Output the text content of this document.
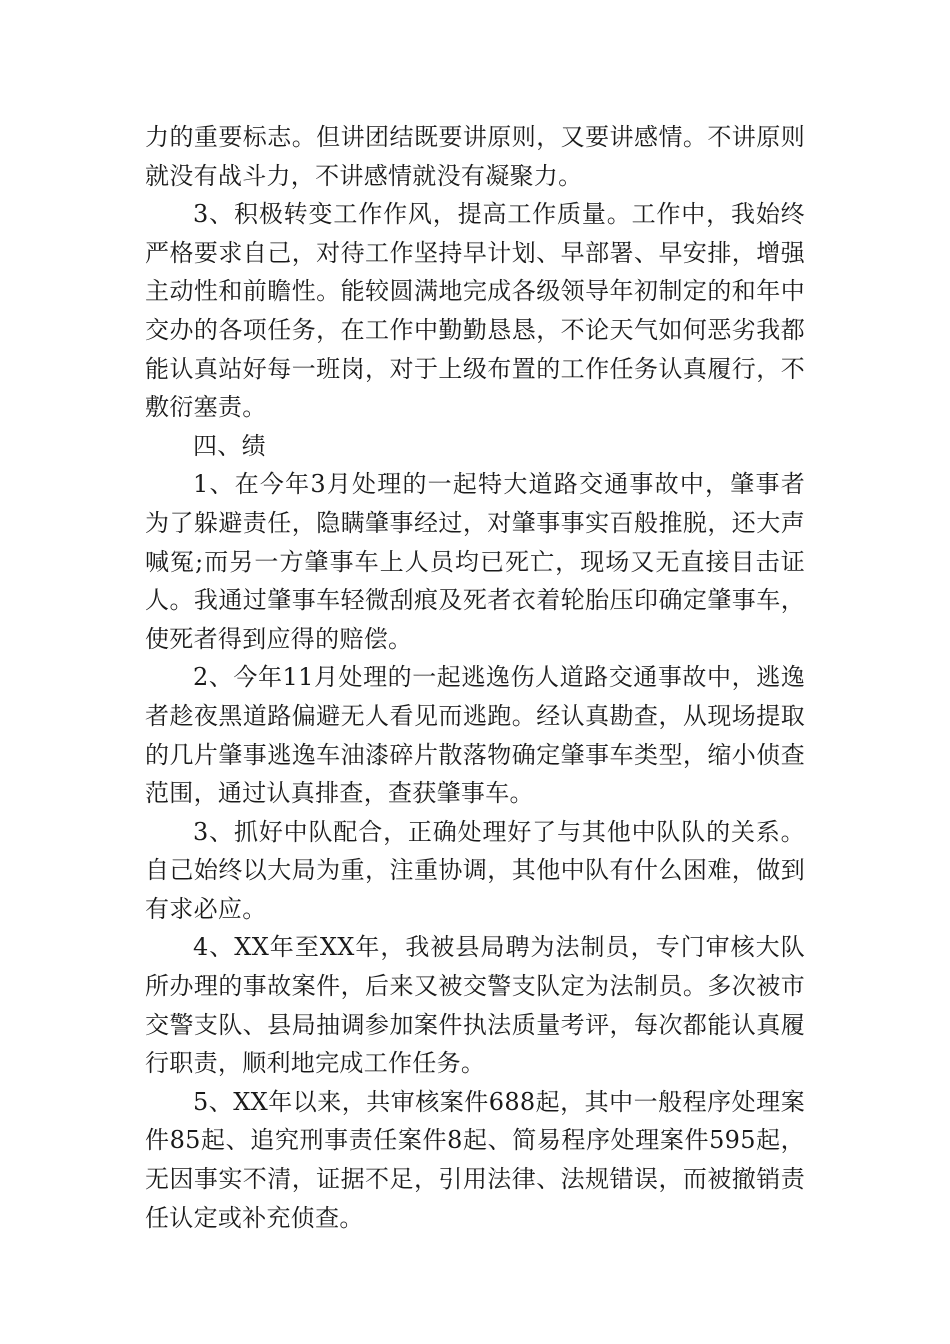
力的重要标志。但讲团结既要讲原则，又要讲感情。不讲原则就没有战斗力，不讲感情就没有凝聚力。

3、积极转变工作作风，提高工作质量。工作中，我始终严格要求自己，对待工作坚持早计划、早部署、早安排，增强主动性和前瞻性。能较圆满地完成各级领导年初制定的和年中交办的各项任务，在工作中勤勤恳恳，不论天气如何恶劣我都能认真站好每一班岗，对于上级布置的工作任务认真履行，不敷衍塞责。

四、绩

1、在今年3月处理的一起特大道路交通事故中，肇事者为了躲避责任，隐瞒肇事经过，对肇事事实百般推脱，还大声喊冤;而另一方肇事车上人员均已死亡，现场又无直接目击证人。我通过肇事车轻微刮痕及死者衣着轮胎压印确定肇事车，使死者得到应得的赔偿。

2、今年11月处理的一起逃逸伤人道路交通事故中，逃逸者趁夜黑道路偏避无人看见而逃跑。经认真勘查，从现场提取的几片肇事逃逸车油漆碎片散落物确定肇事车类型，缩小侦查范围，通过认真排查，查获肇事车。

3、抓好中队配合，正确处理好了与其他中队队的关系。自己始终以大局为重，注重协调，其他中队有什么困难，做到有求必应。

4、XX年至XX年，我被县局聘为法制员，专门审核大队所办理的事故案件，后来又被交警支队定为法制员。多次被市交警支队、县局抽调参加案件执法质量考评，每次都能认真履行职责，顺利地完成工作任务。

5、XX年以来，共审核案件688起，其中一般程序处理案件85起、追究刑事责任案件8起、简易程序处理案件595起，无因事实不清，证据不足，引用法律、法规错误，而被撤销责任认定或补充侦查。
